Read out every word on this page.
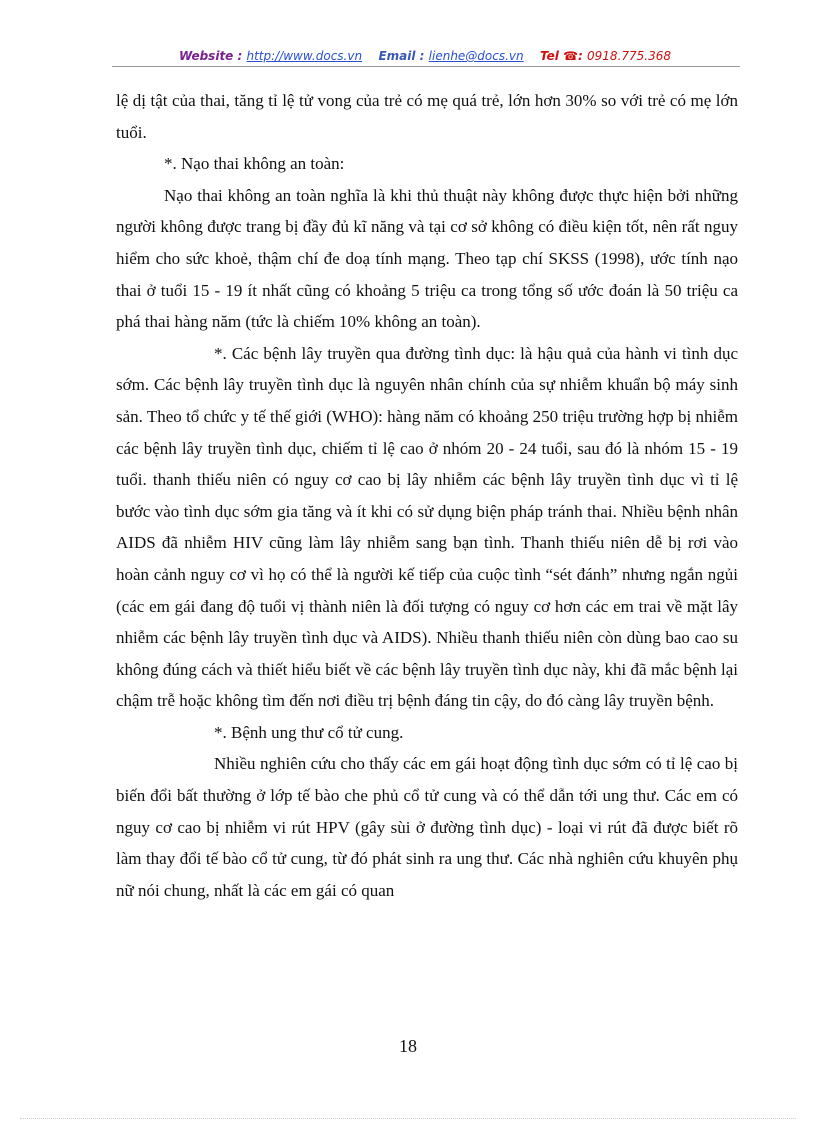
Website : http://www.docs.vn Email : lienhe@docs.vn Tel ☎: 0918.775.368

lệ dị tật của thai, tăng tỉ lệ tử vong của trẻ có mẹ quá trẻ, lớn hơn 30% so với trẻ có mẹ lớn tuổi.

*. Nạo thai không an toàn:

Nạo thai không an toàn nghĩa là khi thủ thuật này không được thực hiện bởi những người không được trang bị đầy đủ kĩ năng và tại cơ sở không có điều kiện tốt, nên rất nguy hiểm cho sức khoẻ, thậm chí đe doạ tính mạng. Theo tạp chí SKSS (1998), ước tính nạo thai ở tuổi 15 - 19 ít nhất cũng có khoảng 5 triệu ca trong tổng số ước đoán là 50 triệu ca phá thai hàng năm (tức là chiếm 10% không an toàn).

*. Các bệnh lây truyền qua đường tình dục: là hậu quả của hành vi tình dục sớm. Các bệnh lây truyền tình dục là nguyên nhân chính của sự nhiễm khuẩn bộ máy sinh sản. Theo tổ chức y tế thế giới (WHO): hàng năm có khoảng 250 triệu trường hợp bị nhiễm các bệnh lây truyền tình dục, chiếm tỉ lệ cao ở nhóm 20 - 24 tuổi, sau đó là nhóm 15 - 19 tuổi. thanh thiếu niên có nguy cơ cao bị lây nhiễm các bệnh lây truyền tình dục vì tỉ lệ bước vào tình dục sớm gia tăng và ít khi có sử dụng biện pháp tránh thai. Nhiều bệnh nhân AIDS đã nhiễm HIV cũng làm lây nhiễm sang bạn tình. Thanh thiếu niên dễ bị rơi vào hoàn cảnh nguy cơ vì họ có thể là người kế tiếp của cuộc tình “sét đánh” nhưng ngắn ngủi (các em gái đang độ tuổi vị thành niên là đối tượng có nguy cơ hơn các em trai về mặt lây nhiễm các bệnh lây truyền tình dục và AIDS). Nhiều thanh thiếu niên còn dùng bao cao su không đúng cách và thiết hiểu biết về các bệnh lây truyền tình dục này, khi đã mắc bệnh lại chậm trễ hoặc không tìm đến nơi điều trị bệnh đáng tin cậy, do đó càng lây truyền bệnh.

*. Bệnh ung thư cổ tử cung.

Nhiều nghiên cứu cho thấy các em gái hoạt động tình dục sớm có tỉ lệ cao bị biến đổi bất thường ở lớp tế bào che phủ cổ tử cung và có thể dẫn tới ung thư. Các em có nguy cơ cao bị nhiễm vi rút HPV (gây sùi ở đường tình dục) - loại vi rút đã được biết rõ làm thay đổi tế bào cổ tử cung, từ đó phát sinh ra ung thư. Các nhà nghiên cứu khuyên phụ nữ nói chung, nhất là các em gái có quan

18
